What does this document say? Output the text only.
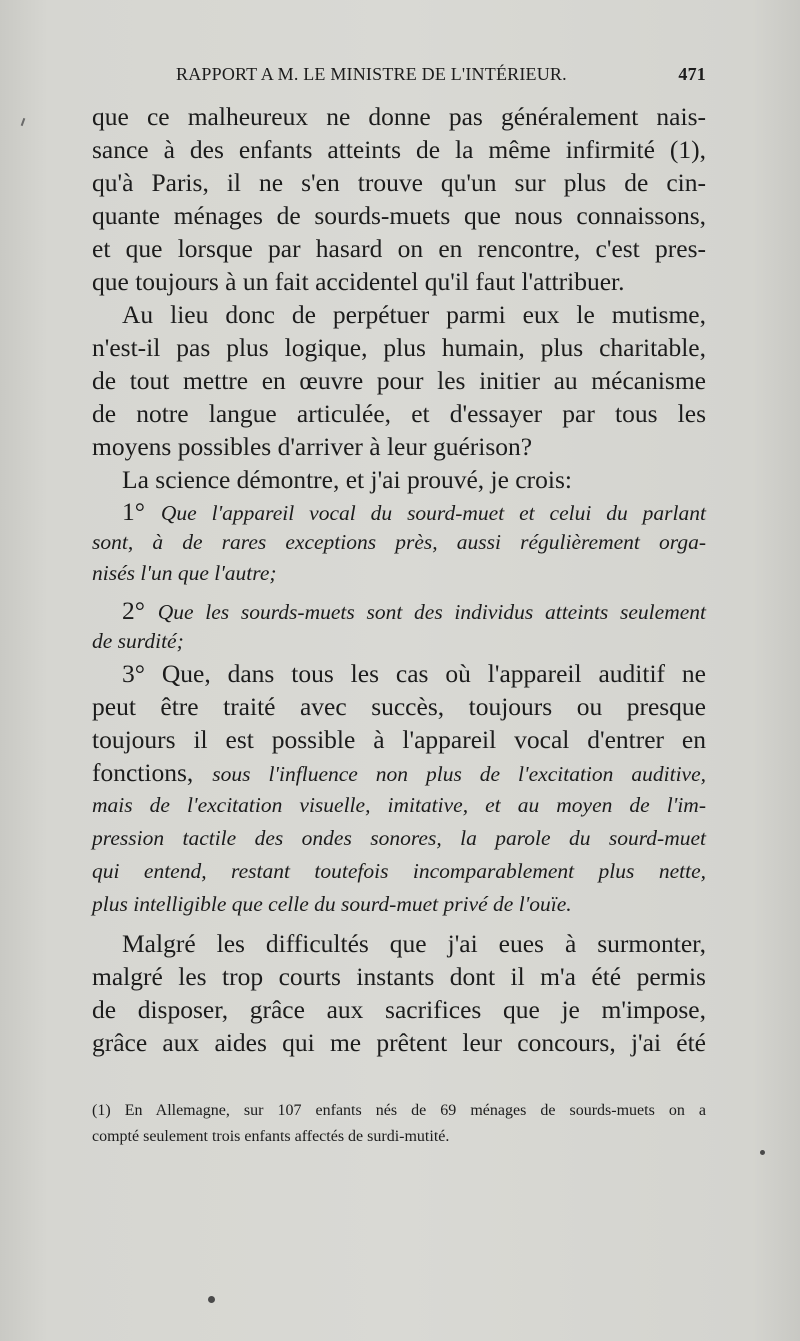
RAPPORT A M. LE MINISTRE DE L'INTÉRIEUR.	471
que ce malheureux ne donne pas généralement nais-
sance à des enfants atteints de la même infirmité (1),
qu'à Paris, il ne s'en trouve qu'un sur plus de cin-
quante ménages de sourds-muets que nous connaissons,
et que lorsque par hasard on en rencontre, c'est pres-
que toujours à un fait accidentel qu'il faut l'attribuer.
Au lieu donc de perpétuer parmi eux le mutisme,
n'est-il pas plus logique, plus humain, plus charitable,
de tout mettre en œuvre pour les initier au mécanisme
de notre langue articulée, et d'essayer par tous les
moyens possibles d'arriver à leur guérison?
La science démontre, et j'ai prouvé, je crois:
1° Que l'appareil vocal du sourd-muet et celui du parlant
sont, à de rares exceptions près, aussi régulièrement orga-
nisés l'un que l'autre;
2° Que les sourds-muets sont des individus atteints seulement
de surdité;
3° Que, dans tous les cas où l'appareil auditif ne
peut être traité avec succès, toujours ou presque
toujours il est possible à l'appareil vocal d'entrer en
fonctions, sous l'influence non plus de l'excitation auditive,
mais de l'excitation visuelle, imitative, et au moyen de l'im-
pression tactile des ondes sonores, la parole du sourd-muet
qui entend, restant toutefois incomparablement plus nette,
plus intelligible que celle du sourd-muet privé de l'ouïe.
Malgré les difficultés que j'ai eues à surmonter,
malgré les trop courts instants dont il m'a été permis
de disposer, grâce aux sacrifices que je m'impose,
grâce aux aides qui me prêtent leur concours, j'ai été
(1) En Allemagne, sur 107 enfants nés de 69 ménages de sourds-muets on a
compté seulement trois enfants affectés de surdi-mutité.
